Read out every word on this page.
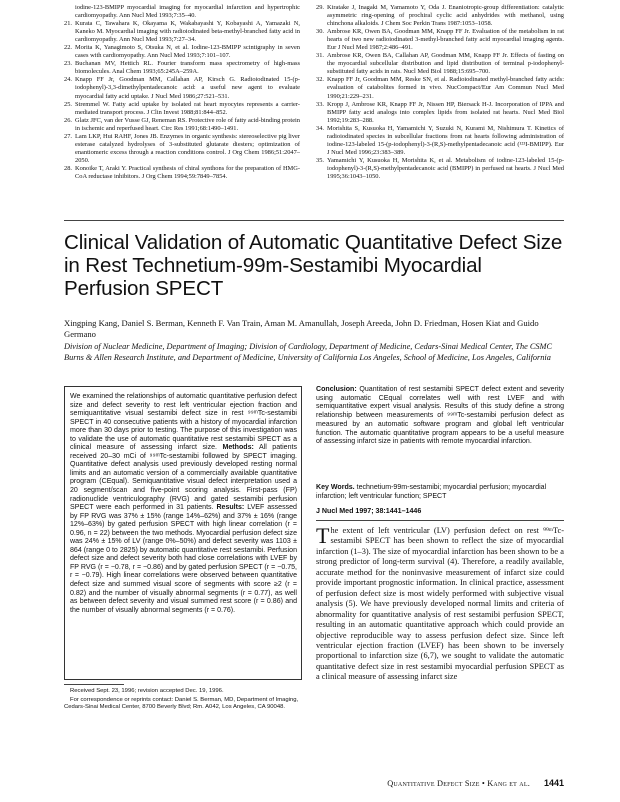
iodine-123-BMIPP myocardial imaging for myocardial infarction and hypertrophic cardiomyopathy. Ann Nucl Med 1993;7:35–40.
21. Kurata C, Tawahara K, Okayama K, Wakabayashi Y, Kobayashi A, Yamazaki N, Kaneko M. Myocardial imaging with radioiodinated beta-methyl-branched fatty acid in cardiomyopathy. Ann Nucl Med 1993;7:27–34.
22. Morita K, Yanagimoto S, Otsuka N, et al. Iodine-123-BMIPP scintigraphy in seven cases with cardiomyopathy. Ann Nucl Med 1993;7:101–107.
23. Buchanan MV, Hettich RL. Fourier transform mass spectrometry of high-mass biomolecules. Anal Chem 1993;65:245A–259A.
24. Knapp FF Jr, Goodman MM, Callahan AP, Kirsch G. Radioiodinated 15-(p-iodophenyl)-3,3-dimethylpentadecanoic acid: a useful new agent to evaluate myocardial fatty acid uptake. J Nucl Med 1986;27:521–531.
25. Stremmel W. Fatty acid uptake by isolated rat heart myocytes represents a carrier-mediated transport process. J Clin Invest 1988;81:844–852.
26. Glatz JFC, van der Vusse GJ, Reneman RS. Protective role of fatty acid-binding protein in ischemic and reperfused heart. Circ Res 1991;68:1490–1491.
27. Lam LKP, Hui RAHF, Jones JB. Enzymes in organic synthesis: stereoselective pig liver esterase catalyzed hydrolyses of 3-substituted glutarate diesters; optimization of enantiomeric excess through a reaction conditions control. J Org Chem 1986;51:2047–2050.
28. Konoike T, Araki Y. Practical synthesis of chiral synthons for the preparation of HMG-CoA reductase inhibitors. J Org Chem 1994;59:7849–7854.
29. Kiratake J, Inagaki M, Yamamoto Y, Oda J. Enaniotropic-group differentiation: catalytic asymmetric ring-opening of prochiral cyclic acid anhydrides with methanol, using chinchona alkaloids. J Chem Soc Perkin Trans 1987:1053–1058.
30. Ambrose KR, Owen BA, Goodman MM, Knapp FF Jr. Evaluation of the metabolism in rat hearts of two new radioiodinated 3-methyl-branched fatty acid myocardial imaging agents. Eur J Nucl Med 1987;2:486–491.
31. Ambrose KR, Owen BA, Callahan AP, Goodman MM, Knapp FF Jr. Effects of fasting on the myocardial subcellular distribution and lipid distribution of terminal p-iodophenyl-substituted fatty acids in rats. Nucl Med Biol 1988;15:695–700.
32. Knapp FF Jr, Goodman MM, Reske SN, et al. Radioiodinated methyl-branched fatty acids: evaluation of catabolites formed in vivo. NucCompact/Eur Am Commun Nucl Med 1990;21:229–231.
33. Kropp J, Ambrose KR, Knapp FF Jr, Nissen HP, Biersack H-J. Incorporation of IPPA and BMIPP fatty acid analogs into complex lipids from isolated rat hearts. Nucl Med Biol 1992;19:283–288.
34. Morishita S, Kusuoka H, Yamamichi Y, Suzuki N, Kurami M, Nishimura T. Kinetics of radioiodinated species in subcellular fractions from rat hearts following administration of iodine-123-labeled 15-(p-iodophenyl)-3-(R,S)-methylpentadecanoic acid (¹²³I-BMIPP). Eur J Nucl Med 1996;23:383–389.
35. Yamamichi Y, Kusuoka H, Morishita K, et al. Metabolism of iodine-123-labeled 15-(p-iodophenyl)-3-(R,S)-methylpentadecanoic acid (BMIPP) in perfused rat hearts. J Nucl Med 1995;36:1043–1050.
Clinical Validation of Automatic Quantitative Defect Size in Rest Technetium-99m-Sestamibi Myocardial Perfusion SPECT
Xingping Kang, Daniel S. Berman, Kenneth F. Van Train, Aman M. Amanullah, Joseph Areeda, John D. Friedman, Hosen Kiat and Guido Germano
Division of Nuclear Medicine, Department of Imaging; Division of Cardiology, Department of Medicine, Cedars-Sinai Medical Center, The CSMC Burns & Allen Research Institute, and Department of Medicine, University of California Los Angeles, School of Medicine, Los Angeles, California
We examined the relationships of automatic quantitative perfusion defect size and defect severity to rest left ventricular ejection fraction and semiquantitative visual sestamibi defect size in rest ⁹⁹ᵐTc-sestamibi SPECT in 40 consecutive patients with a history of myocardial infarction more than 30 days prior to testing. The purpose of this investigation was to validate the use of automatic quantitative rest sestamibi SPECT as a clinical measure of assessing infarct size. Methods: All patients received 20–30 mCi of ⁹⁹ᵐTc-sestamibi followed by SPECT imaging. Quantitative defect analysis used previously developed resting normal limits and an automatic version of a commercially available quantitative program (CEqual). Semiquantitative visual defect interpretation used a 20 segment/scan and five-point scoring analysis. First-pass (FP) radionuclide ventriculography (RVG) and gated sestamibi perfusion SPECT were each performed in 31 patients. Results: LVEF assessed by FP RVG was 37% ± 15% (range 14%–62%) and 37% ± 16% (range 12%–63%) by gated perfusion SPECT with high linear correlation (r = 0.96, n = 22) between the two methods. Myocardial perfusion defect size was 24% ± 15% of LV (range 0%–50%) and defect severity was 1103 ± 864 (range 0 to 2825) by automatic quantitative rest sestamibi. Perfusion defect size and defect severity both had close correlations with LVEF by FP RVG (r = −0.78, r = −0.86) and by gated perfusion SPECT (r = −0.75, r = −0.79). High linear correlations were observed between quantitative defect size and summed visual score of segments with score ≥2 (r = 0.82) and the number of visually abnormal segments (r = 0.77), as well as between defect severity and visual summed rest score (r = 0.86) and the number of visually abnormal segments (r = 0.76).
Conclusion: Quantitation of rest sestamibi SPECT defect extent and severity using automatic CEqual correlates well with rest LVEF and with semiquantitative expert visual analysis. Results of this study define a strong relationship between measurements of ⁹⁹ᵐTc-sestamibi perfusion defect as measured by an automatic software program and global left ventricular function. The automatic quantitative program appears to be a useful measure of assessing infarct size in patients with remote myocardial infarction.
Key Words. technetium-99m-sestamibi; myocardial perfusion; myocardial infarction; left ventricular function; SPECT
J Nucl Med 1997; 38:1441–1446
The extent of left ventricular (LV) perfusion defect on rest ⁹⁹ᵐTc-sestamibi SPECT has been shown to reflect the size of myocardial infarction (1–3). The size of myocardial infarction has been shown to be a strong predictor of long-term survival (4). Therefore, a readily available, accurate method for the noninvasive measurement of infarct size could provide important prognostic information. In clinical practice, assessment of perfusion defect size is most widely performed with subjective visual analysis (5). We have previously developed normal limits and criteria of abnormality for quantitative analysis of rest sestamibi perfusion SPECT, resulting in an automatic quantitative approach which could provide an objective reproducible way to assess perfusion defect size. Since left ventricular ejection fraction (LVEF) has been shown to be inversely proportional to infarction size (6,7), we sought to validate the automatic quantitative defect size in rest sestamibi myocardial perfusion SPECT as a clinical measure of assessing infarct size

Received Sept. 23, 1996; revision accepted Dec. 19, 1996.

For correspondence or reprints contact: Daniel S. Berman, MD, Department of Imaging, Cedars-Sinai Medical Center, 8700 Beverly Blvd; Rm. A042, Los Angeles, CA 90048.

Quantitative Defect Size • Kang et al. 1441
